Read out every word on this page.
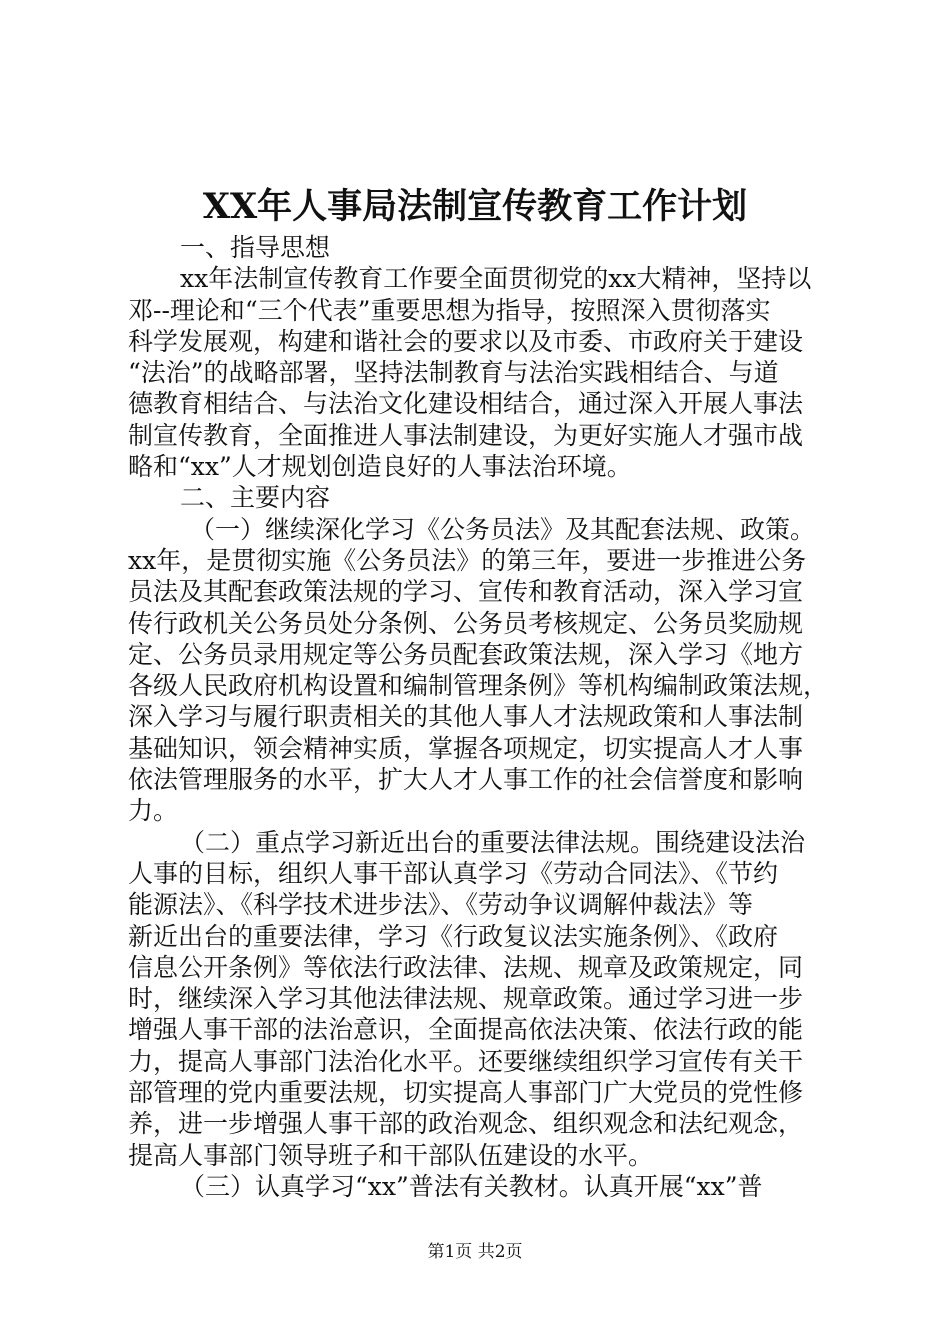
XX年人事局法制宣传教育工作计划
一、指导思想
xx年法制宣传教育工作要全面贯彻党的xx大精神，坚持以
邓--理论和“三个代表”重要思想为指导，按照深入贯彻落实
科学发展观，构建和谐社会的要求以及市委、市政府关于建设
“法治”的战略部署，坚持法制教育与法治实践相结合、与道
德教育相结合、与法治文化建设相结合，通过深入开展人事法
制宣传教育，全面推进人事法制建设，为更好实施人才强市战
略和“xx”人才规划创造良好的人事法治环境。
二、主要内容
（一）继续深化学习《公务员法》及其配套法规、政策。
xx年，是贯彻实施《公务员法》的第三年，要进一步推进公务
员法及其配套政策法规的学习、宣传和教育活动，深入学习宣
传行政机关公务员处分条例、公务员考核规定、公务员奖励规
定、公务员录用规定等公务员配套政策法规，深入学习《地方
各级人民政府机构设置和编制管理条例》等机构编制政策法规，
深入学习与履行职责相关的其他人事人才法规政策和人事法制
基础知识，领会精神实质，掌握各项规定，切实提高人才人事
依法管理服务的水平，扩大人才人事工作的社会信誉度和影响
力。
（二）重点学习新近出台的重要法律法规。围绕建设法治
人事的目标，组织人事干部认真学习《劳动合同法》、《节约
能源法》、《科学技术进步法》、《劳动争议调解仲裁法》等
新近出台的重要法律，学习《行政复议法实施条例》、《政府
信息公开条例》等依法行政法律、法规、规章及政策规定，同
时，继续深入学习其他法律法规、规章政策。通过学习进一步
增强人事干部的法治意识，全面提高依法决策、依法行政的能
力，提高人事部门法治化水平。还要继续组织学习宣传有关干
部管理的党内重要法规，切实提高人事部门广大党员的党性修
养，进一步增强人事干部的政治观念、组织观念和法纪观念，
提高人事部门领导班子和干部队伍建设的水平。
（三）认真学习“xx”普法有关教材。认真开展“xx”普
第1页 共2页
